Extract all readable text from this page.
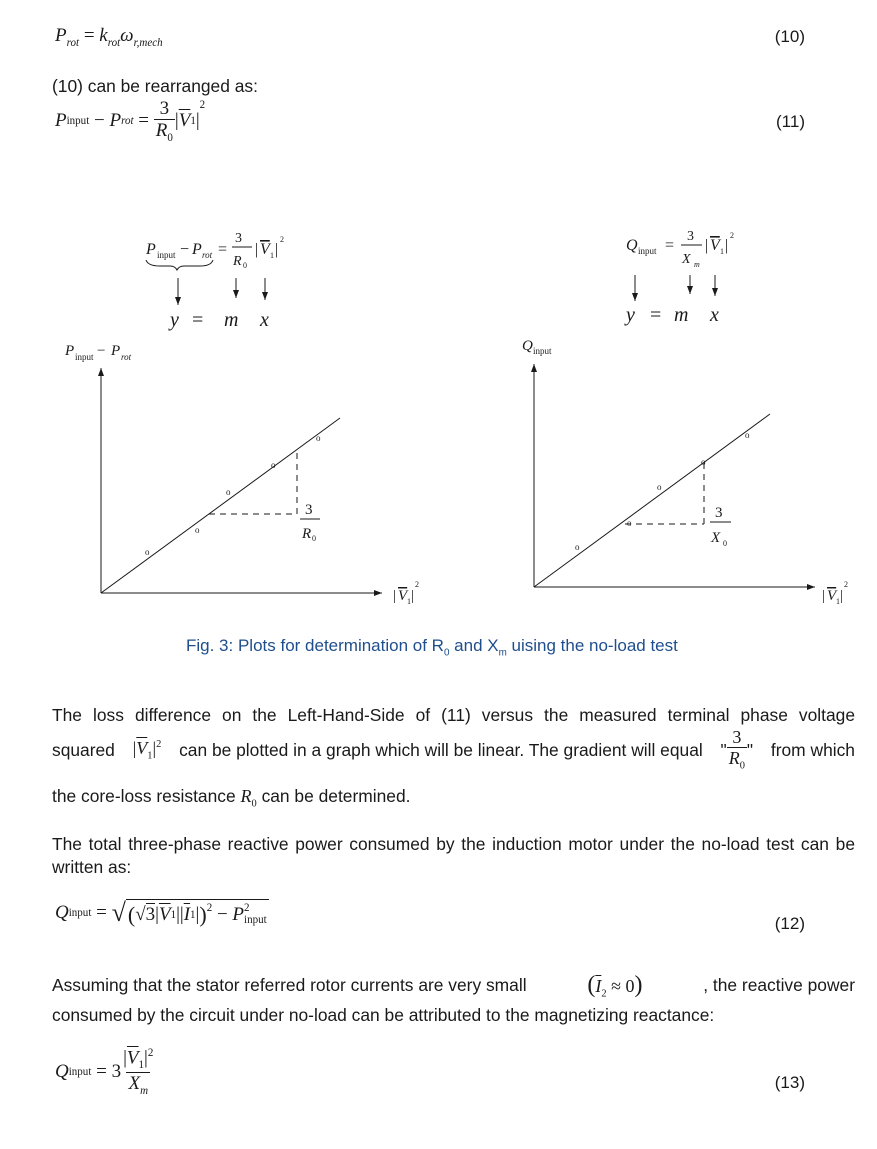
$P_{rot} = k_{rot}\omega_{r,mech}$	(10)
(10) can be rearranged as:
P input − P rot = $\frac{3}{R_0}$ | $\overline{V}$ 1 |
$^2$
(11)
P input − P rot =
3
R 0
| V 1 |
2
y = m x
P input − P rot
| V 1 |
2
o
o
o
o
o
3
R 0
Q input =
3
X m
| V 1 |
2
y = m x
Q input
| V 1 |
2
o
o
o
o
o
3
X 0
Fig. 3: Plots for determination of $R_0$ and $X_m$ uising the no-load test
The loss difference on the Left-Hand-Side of (11) versus the measured terminal phase voltage
squared $|\overline{V}_1|^2$ can be plotted in a graph which will be linear. The gradient will equal " $\frac{3}{R_0}$ " from which
the core-loss resistance $R_0$ can be determined.
The total three-phase reactive power consumed by the induction motor under the no-load test can be written as:
Q input = √ ( √ 3 | $\overline{V}$ 1 || $\overline{I}$ 1 | )$^2$ − P 2
input	(12)
Assuming that the stator referred rotor currents are very small	$(\overline{I}_2 \approx 0)$	, the reactive power
consumed by the circuit under no-load can be attributed to the magnetizing reactance:
Q input = $3 \frac{|\overline{V}_1|^2}{X_m}$	(13)
